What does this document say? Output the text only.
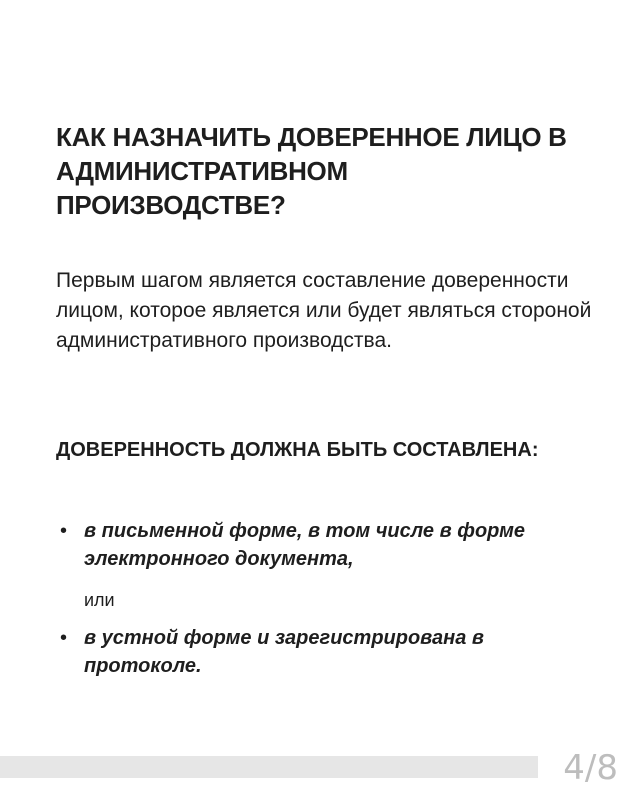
КАК НАЗНАЧИТЬ ДОВЕРЕННОЕ ЛИЦО В АДМИНИСТРАТИВНОМ ПРОИЗВОДСТВЕ?

Первым шагом является составление доверенности лицом, которое является или будет являться стороной административного производства.

ДОВЕРЕННОСТЬ ДОЛЖНА БЫТЬ СОСТАВЛЕНА:
• в письменной форме, в том числе в форме электронного документа,
или
• в устной форме и зарегистрирована в протоколе.
4/8
